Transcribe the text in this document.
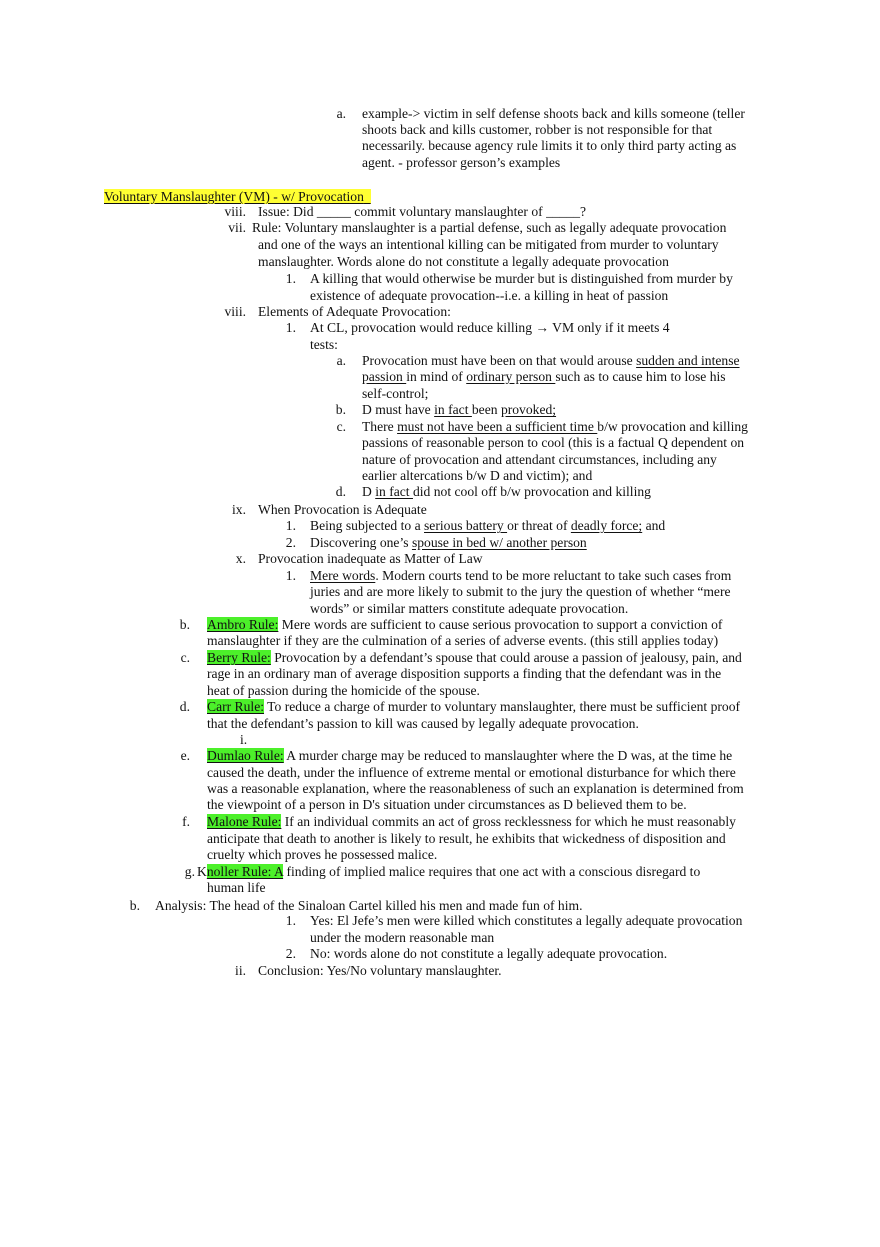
a. example-> victim in self defense shoots back and kills someone (teller
shoots back and kills customer, robber is not responsible for that
necessarily. because agency rule limits it to only third party acting as
agent. - professor gerson’s examples
Voluntary Manslaughter (VM) - w/ Provocation
viii. Issue: Did _____ commit voluntary manslaughter of _____?
vii. Rule: Voluntary manslaughter is a partial defense, such as legally adequate provocation
and one of the ways an intentional killing can be mitigated from murder to voluntary
manslaughter. Words alone do not constitute a legally adequate provocation
1. A killing that would otherwise be murder but is distinguished from murder by
existence of adequate provocation--i.e. a killing in heat of passion
viii. Elements of Adequate Provocation:
1. At CL, provocation would reduce killing → VM only if it meets 4
tests:
a. Provocation must have been on that would arouse sudden and intense
passion in mind of ordinary person such as to cause him to lose his
self-control;
b. D must have in fact been provoked;
c. There must not have been a sufficient time b/w provocation and killing
passions of reasonable person to cool (this is a factual Q dependent on
nature of provocation and attendant circumstances, including any
earlier altercations b/w D and victim); and
d. D in fact did not cool off b/w provocation and killing
ix. When Provocation is Adequate
1. Being subjected to a serious battery or threat of deadly force; and
2. Discovering one’s spouse in bed w/ another person
x. Provocation inadequate as Matter of Law
1. Mere words. Modern courts tend to be more reluctant to take such cases from
juries and are more likely to submit to the jury the question of whether “mere
words” or similar matters constitute adequate provocation.
b. Ambro Rule: Mere words are sufficient to cause serious provocation to support a conviction of
manslaughter if they are the culmination of a series of adverse events. (this still applies today)
c. Berry Rule: Provocation by a defendant’s spouse that could arouse a passion of jealousy, pain, and
rage in an ordinary man of average disposition supports a finding that the defendant was in the
heat of passion during the homicide of the spouse.
d. Carr Rule: To reduce a charge of murder to voluntary manslaughter, there must be sufficient proof
that the defendant’s passion to kill was caused by legally adequate provocation.
i.
e. Dumlao Rule: A murder charge may be reduced to manslaughter where the D was, at the time he
caused the death, under the influence of extreme mental or emotional disturbance for which there
was a reasonable explanation, where the reasonableness of such an explanation is determined from
the viewpoint of a person in D's situation under circumstances as D believed them to be.
f. Malone Rule: If an individual commits an act of gross recklessness for which he must reasonably
anticipate that death to another is likely to result, he exhibits that wickedness of disposition and
cruelty which proves he possessed malice.
g. Knoller Rule: A finding of implied malice requires that one act with a conscious disregard to
human life
b. Analysis: The head of the Sinaloan Cartel killed his men and made fun of him.
1. Yes: El Jefe’s men were killed which constitutes a legally adequate provocation
under the modern reasonable man
2. No: words alone do not constitute a legally adequate provocation.
ii. Conclusion: Yes/No voluntary manslaughter.
